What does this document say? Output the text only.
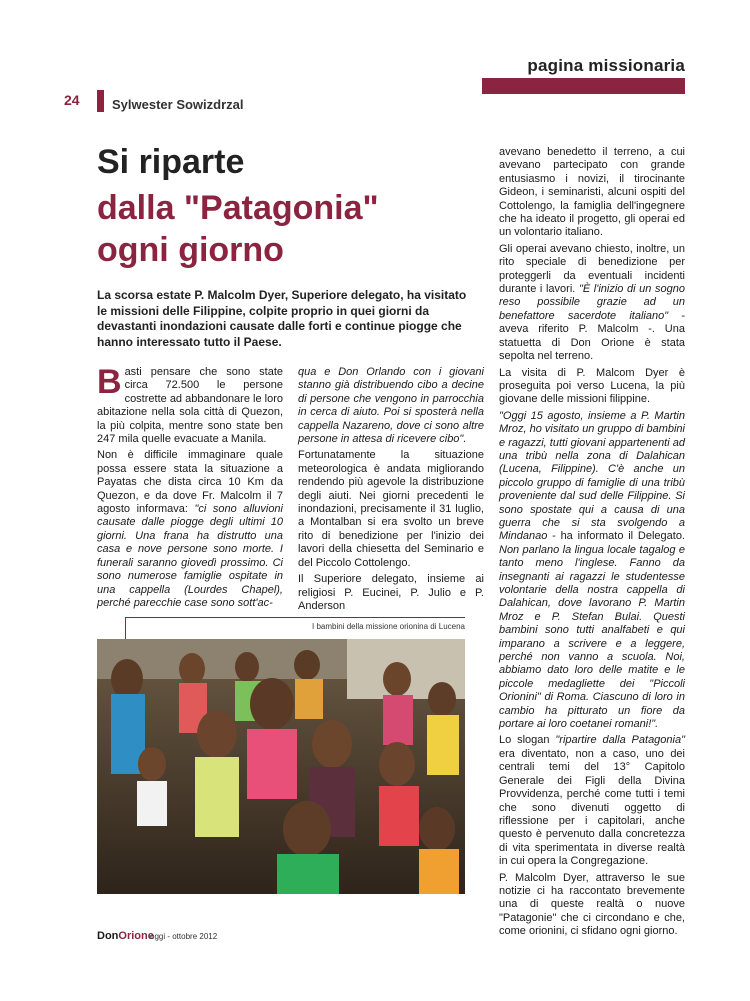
pagina missionaria
24 Sylwester Sowizdrzal
Si riparte
dalla "Patagonia"
ogni giorno
La scorsa estate P. Malcolm Dyer, Superiore delegato, ha visitato le missioni delle Filippine, colpite proprio in quei giorni da devastanti inondazioni causate dalle forti e continue piogge che hanno interessato tutto il Paese.

Basti pensare che sono state circa 72.500 le persone costrette ad abbandonare le loro abitazione nella sola città di Quezon, la più colpita, mentre sono state ben 247 mila quelle evacuate a Manila.

Non è difficile immaginare quale possa essere stata la situazione a Payatas che dista circa 10 Km da Quezon, e da dove Fr. Malcolm il 7 agosto informava: "ci sono alluvioni causate dalle piogge degli ultimi 10 giorni. Una frana ha distrutto una casa e nove persone sono morte. I funerali saranno giovedì prossimo. Ci sono numerose famiglie ospitate in una cappella (Lourdes Chapel), perché parecchie case sono sott'ac-

qua e Don Orlando con i giovani stanno già distribuendo cibo a decine di persone che vengono in parrocchia in cerca di aiuto. Poi si sposterà nella cappella Nazareno, dove ci sono altre persone in attesa di ricevere cibo".

Fortunatamente la situazione meteorologica è andata migliorando rendendo più agevole la distribuzione degli aiuti. Nei giorni precedenti le inondazioni, precisamente il 31 luglio, a Montalban si era svolto un breve rito di benedizione per l'inizio dei lavori della chiesetta del Seminario e del Piccolo Cottolengo.

Il Superiore delegato, insieme ai religiosi P. Eucinei, P. Julio e P. Anderson

avevano benedetto il terreno, a cui avevano partecipato con grande entusiasmo i novizi, il tirocinante Gideon, i seminaristi, alcuni ospiti del Cottolengo, la famiglia dell'ingegnere che ha ideato il progetto, gli operai ed un volontario italiano.

Gli operai avevano chiesto, inoltre, un rito speciale di benedizione per proteggerli da eventuali incidenti durante i lavori. "È l'inizio di un sogno reso possibile grazie ad un benefattore sacerdote italiano" - aveva riferito P. Malcolm -. Una statuetta di Don Orione è stata sepolta nel terreno.

La visita di P. Malcom Dyer è proseguita poi verso Lucena, la più giovane delle missioni filippine.

"Oggi 15 agosto, insieme a P. Martin Mroz, ho visitato un gruppo di bambini e ragazzi, tutti giovani appartenenti ad una tribù nella zona di Dalahican (Lucena, Filippine). C'è anche un piccolo gruppo di famiglie di una tribù proveniente dal sud delle Filippine. Si sono spostate qui a causa di una guerra che si sta svolgendo a Mindanao - ha informato il Delegato. Non parlano la lingua locale tagalog e tanto meno l'inglese. Fanno da insegnanti ai ragazzi le studentesse volontarie della nostra cappella di Dalahican, dove lavorano P. Martin Mroz e P. Stefan Bulai. Questi bambini sono tutti analfabeti e qui imparano a scrivere e a leggere, perché non vanno a scuola. Noi, abbiamo dato loro delle matite e le piccole medagliette dei "Piccoli Orionini" di Roma. Ciascuno di loro in cambio ha pitturato un fiore da portare ai loro coetanei romani!".

Lo slogan "ripartire dalla Patagonia" era diventato, non a caso, uno dei centrali temi del 13° Capitolo Generale dei Figli della Divina Provvidenza, perché come tutti i temi che sono divenuti oggetto di riflessione per i capitolari, anche questo è pervenuto dalla concretezza di vita sperimentata in diverse realtà in cui opera la Congregazione.

P. Malcolm Dyer, attraverso le sue notizie ci ha raccontato brevemente una di queste realtà o nuove "Patagonie" che ci circondano e che, come orionini, ci sfidano ogni giorno.

I bambini della missione orionina di Lucena
DonOrione
oggi - ottobre 2012
